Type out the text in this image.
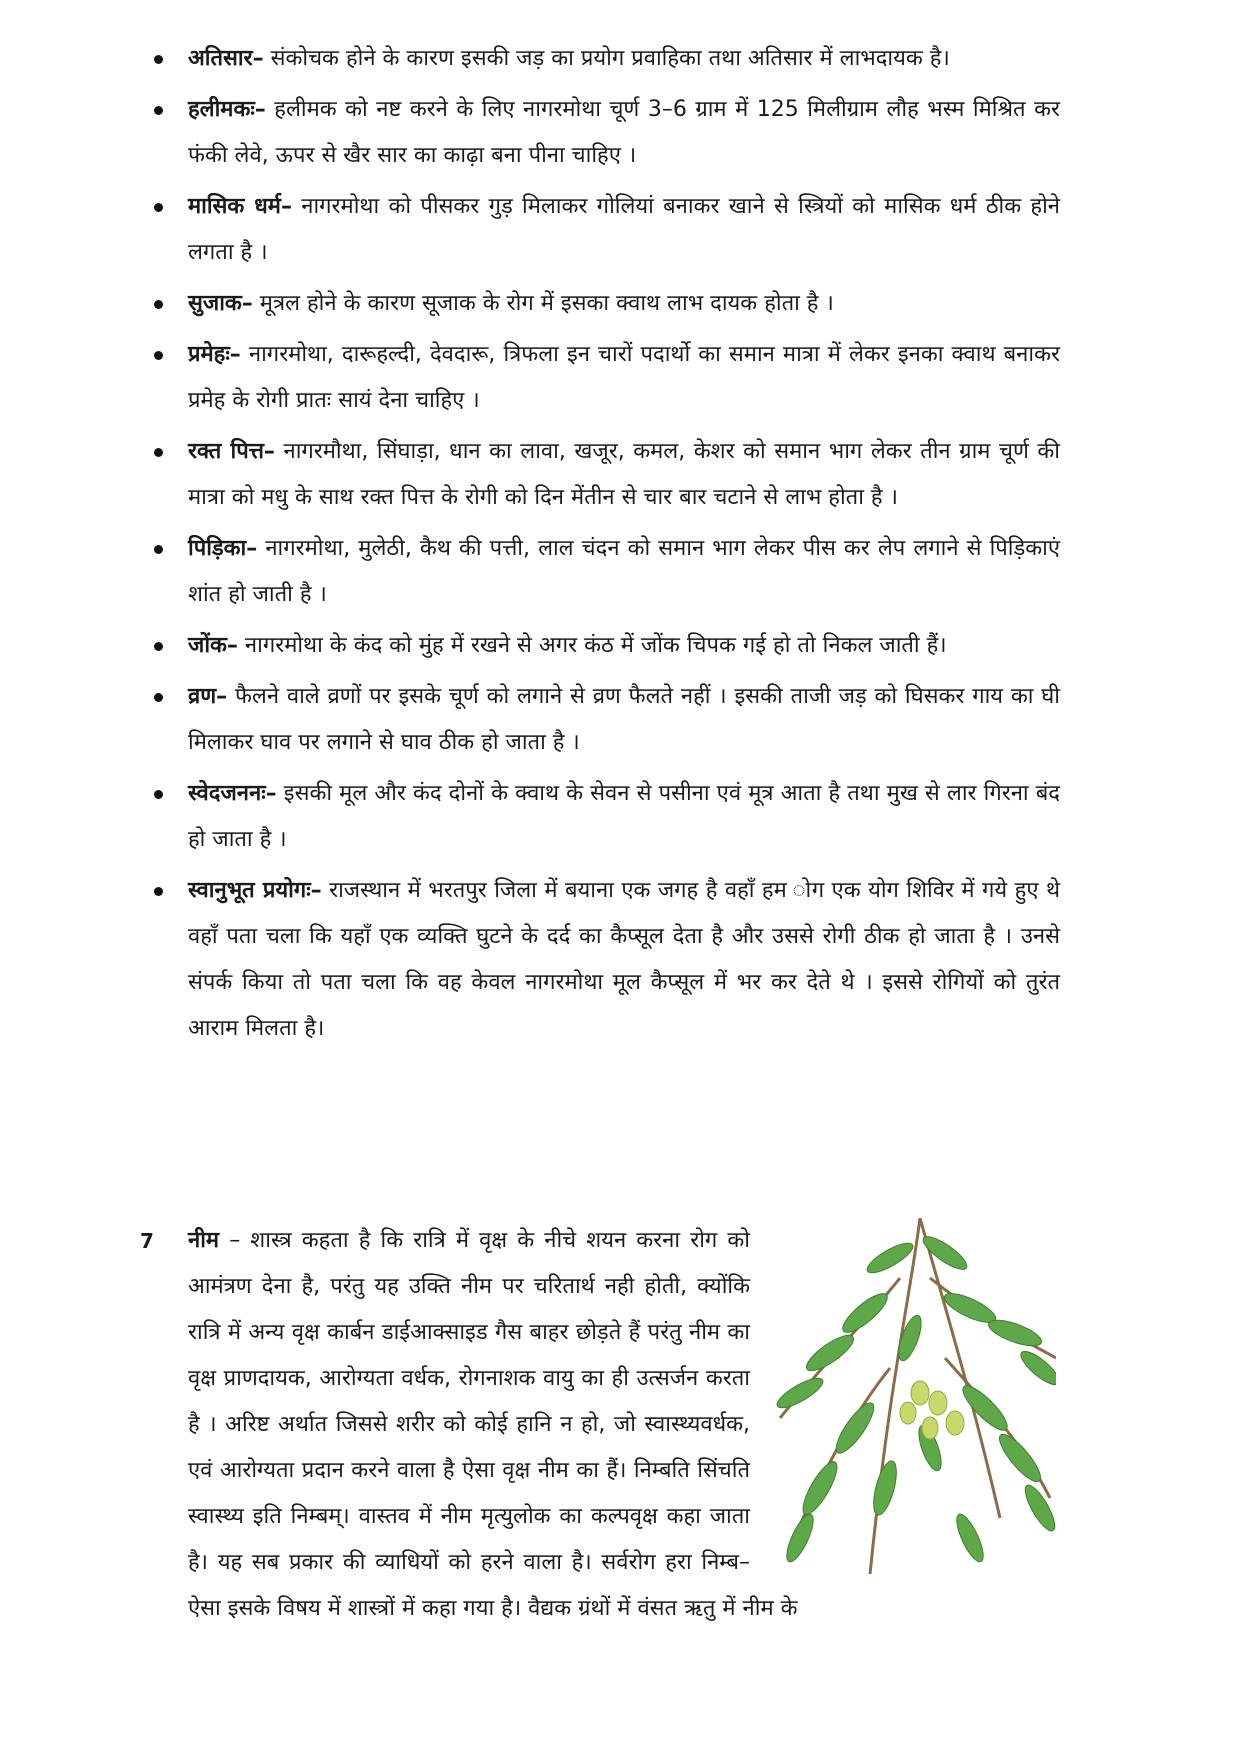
अतिसार– संकोचक होने के कारण इसकी जड़ का प्रयोग प्रवाहिका तथा अतिसार में लाभदायक है।
हलीमकः– हलीमक को नष्ट करने के लिए नागरमोथा चूर्ण 3–6 ग्राम में 125 मिलीग्राम लौह भस्म मिश्रित कर फंकी लेवे, ऊपर से खैर सार का काढ़ा बना पीना चाहिए ।
मासिक धर्म– नागरमोथा को पीसकर गुड़ मिलाकर गोलियां बनाकर खाने से स्त्रियों को मासिक धर्म ठीक होने लगता है ।
सुजाक– मूत्रल होने के कारण सूजाक के रोग में इसका क्वाथ लाभ दायक होता है ।
प्रमेहः– नागरमोथा, दारूहल्दी, देवदारू, त्रिफला इन चारों पदार्थो का समान मात्रा में लेकर इनका क्वाथ बनाकर प्रमेह के रोगी प्रातः सायं देना चाहिए ।
रक्त पित्त– नागरमौथा, सिंघाड़ा, धान का लावा, खजूर, कमल, केशर को समान भाग लेकर तीन ग्राम चूर्ण की मात्रा को मधु के साथ रक्त पित्त के रोगी को दिन मेंतीन से चार बार चटाने से लाभ होता है ।
पिड़िका– नागरमोथा, मुलेठी, कैथ की पत्ती, लाल चंदन को समान भाग लेकर पीस कर लेप लगाने से पिड़िकाएं शांत हो जाती है ।
जोंक– नागरमोथा के कंद को मुंह में रखने से अगर कंठ में जोंक चिपक गई हो तो निकल जाती हैं।
व्रण– फैलने वाले व्रणों पर इसके चूर्ण को लगाने से व्रण फैलते नहीं । इसकी ताजी जड़ को घिसकर गाय का घी मिलाकर घाव पर लगाने से घाव ठीक हो जाता है ।
स्वेदजननः– इसकी मूल और कंद दोनों के क्वाथ के सेवन से पसीना एवं मूत्र आता है तथा मुख से लार गिरना बंद हो जाता है ।
स्वानुभूत प्रयोगः– राजस्थान में भरतपुर जिला में बयाना एक जगह है वहाँ हम ोग एक योग शिविर में गये हुए थे वहाँ पता चला कि यहाँ एक व्यक्ति घुटने के दर्द का कैप्सूल देता है और उससे रोगी ठीक हो जाता है । उनसे संपर्क किया तो पता चला कि वह केवल नागरमोथा मूल कैप्सूल में भर कर देते थे । इससे रोगियों को तुरंत आराम मिलता है।
7 नीम – शास्त्र कहता है कि रात्रि में वृक्ष के नीचे शयन करना रोग को आमंत्रण देना है, परंतु यह उक्ति नीम पर चरितार्थ नही होती, क्योंकि रात्रि में अन्य वृक्ष कार्बन डाईआक्साइड गैस बाहर छोड़ते हैं परंतु नीम का वृक्ष प्राणदायक, आरोग्यता वर्धक, रोगनाशक वायु का ही उत्सर्जन करता है । अरिष्ट अर्थात जिससे शरीर को कोई हानि न हो, जो स्वास्थ्यवर्धक, एवं आरोग्यता प्रदान करने वाला है ऐसा वृक्ष नीम का हैं। निम्बति सिंचति स्वास्थ्य इति निम्बम्। वास्तव में नीम मृत्युलोक का कल्पवृक्ष कहा जाता है। यह सब प्रकार की व्याधियों को हरने वाला है। सर्वरोग हरा निम्ब–ऐसा इसके विषय में शास्त्रों में कहा गया है। वैद्यक ग्रंथों में वंसत ऋतु में नीम के
